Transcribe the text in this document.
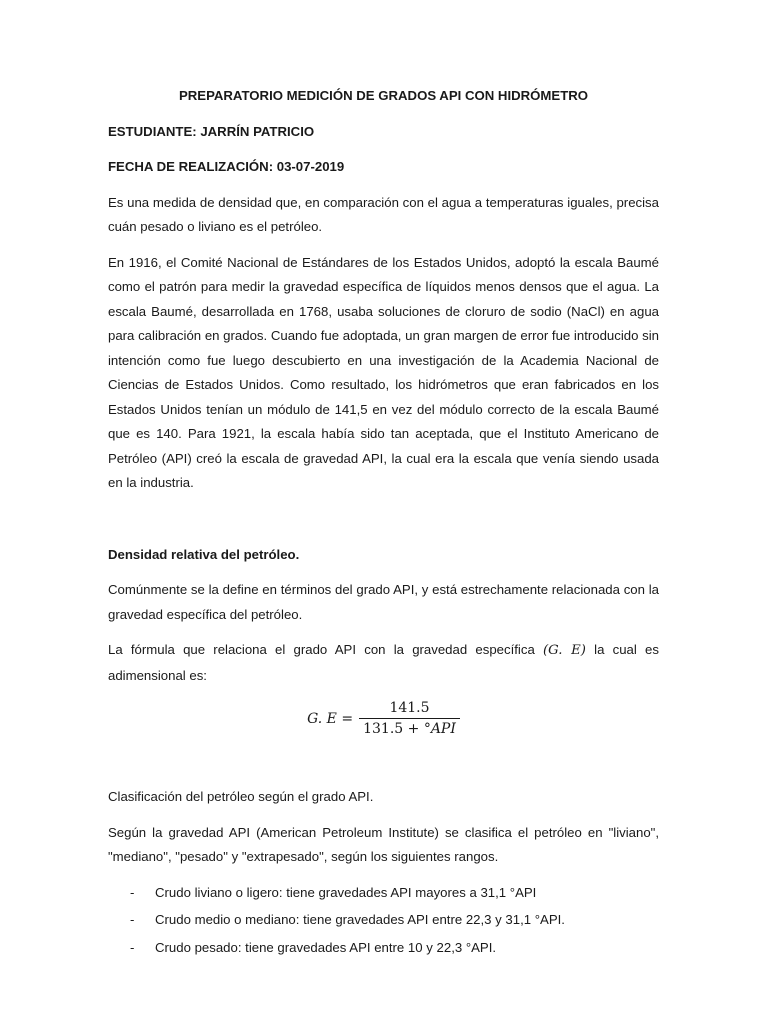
PREPARATORIO MEDICIÓN DE GRADOS API CON HIDRÓMETRO
ESTUDIANTE: JARRÍN PATRICIO
FECHA DE REALIZACIÓN: 03-07-2019

Es una medida de densidad que, en comparación con el agua a temperaturas iguales, precisa cuán pesado o liviano es el petróleo.

En 1916, el Comité Nacional de Estándares de los Estados Unidos, adoptó la escala Baumé como el patrón para medir la gravedad específica de líquidos menos densos que el agua. La escala Baumé, desarrollada en 1768, usaba soluciones de cloruro de sodio (NaCl) en agua para calibración en grados. Cuando fue adoptada, un gran margen de error fue introducido sin intención como fue luego descubierto en una investigación de la Academia Nacional de Ciencias de Estados Unidos. Como resultado, los hidrómetros que eran fabricados en los Estados Unidos tenían un módulo de 141,5 en vez del módulo correcto de la escala Baumé que es 140. Para 1921, la escala había sido tan aceptada, que el Instituto Americano de Petróleo (API) creó la escala de gravedad API, la cual era la escala que venía siendo usada en la industria.

Densidad relativa del petróleo.

Comúnmente se la define en términos del grado API, y está estrechamente relacionada con la gravedad específica del petróleo.

La fórmula que relaciona el grado API con la gravedad específica (G. E) la cual es adimensional es:

G. $E = \frac{141.5}{\text{131.5 + °API}}$
Clasificación del petróleo según el grado API.

Según la gravedad API (American Petroleum Institute) se clasifica el petróleo en "liviano", "mediano", "pesado" y "extrapesado", según los siguientes rangos.

- Crudo liviano o ligero: tiene gravedades API mayores a 31,1 °API
- Crudo medio o mediano: tiene gravedades API entre 22,3 y 31,1 °API.
- Crudo pesado: tiene gravedades API entre 10 y 22,3 °API.
